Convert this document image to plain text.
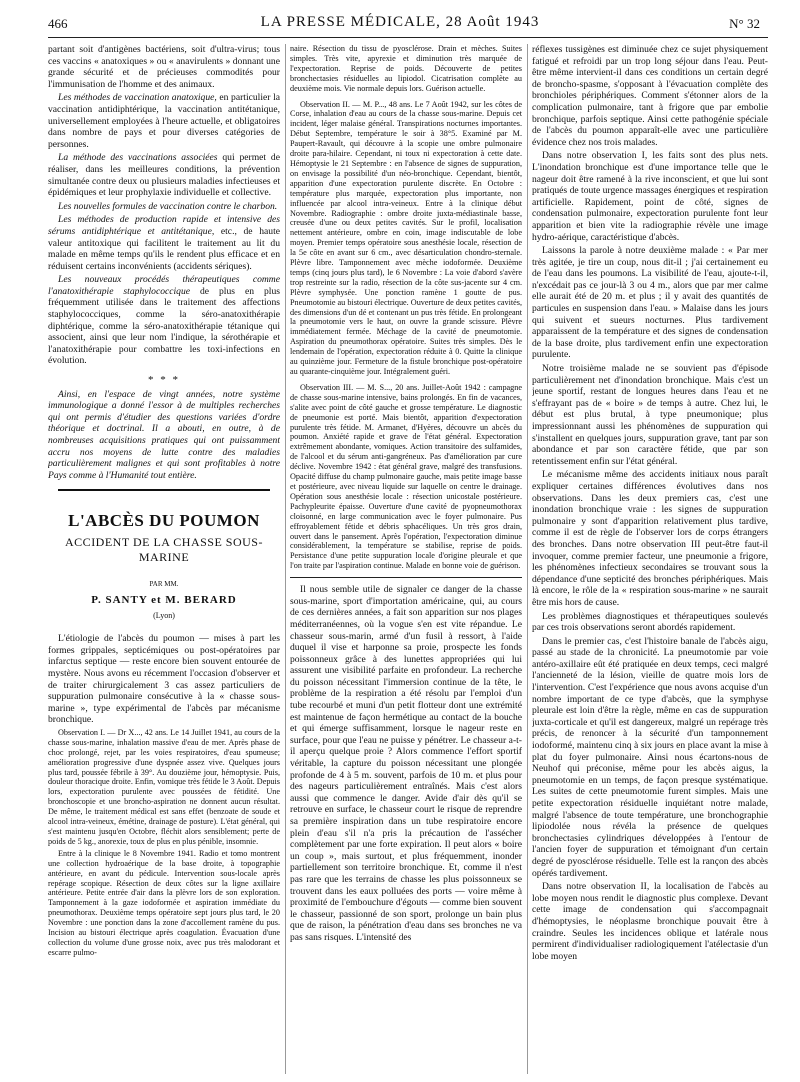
466	LA PRESSE MÉDICALE, 28 Août 1943	N° 32

partant soit d'antigènes bactériens, soit d'ultra-virus; tous ces vaccins « anatoxiques » ou « anavirulents » donnant une grande sécurité et de précieuses commodités pour l'immunisation de l'homme et des animaux.

Les méthodes de vaccination anatoxique, en particulier la vaccination antidiphtérique, la vaccination antitétanique, universellement employées à l'heure actuelle, et obligatoires dans nombre de pays et pour diverses catégories de personnes.

La méthode des vaccinations associées qui permet de réaliser, dans les meilleures conditions, la prévention simultanée contre deux ou plusieurs maladies infectieuses et épidémiques et leur prophylaxie individuelle et collective.

Les nouvelles formules de vaccination contre le charbon.

Les méthodes de production rapide et intensive des sérums antidiphtérique et antitétanique, etc., de haute valeur antitoxique qui facilitent le traitement au lit du malade en même temps qu'ils le rendent plus efficace et en réduisent certains inconvénients (accidents sériques).

Les nouveaux procédés thérapeutiques comme l'anatoxithérapie staphylococcique de plus en plus fréquemment utilisée dans le traitement des affections staphylococciques, comme la séro-anatoxithérapie diphtérique, comme la séro-anatoxithérapie tétanique qui associent, ainsi que leur nom l'indique, la sérothérapie et l'anatoxithérapie pour combattre les toxi-infections en évolution.

* * *

Ainsi, en l'espace de vingt années, notre système immunologique a donné l'essor à de multiples recherches qui ont permis d'étudier des questions variées d'ordre théorique et doctrinal. Il a abouti, en outre, à de nombreuses acquisitions pratiques qui ont puissamment accru nos moyens de lutte contre des maladies particulièrement malignes et qui sont profitables à notre Pays comme à l'Humanité tout entière.

L'ABCÈS DU POUMON
ACCIDENT DE LA CHASSE SOUS-MARINE
PAR MM.
P. SANTY et M. BERARD
(Lyon)

L'étiologie de l'abcès du poumon — mises à part les formes grippales, septicémiques ou post-opératoires par infarctus septique — reste encore bien souvent entourée de mystère. Nous avons eu récemment l'occasion d'observer et de traiter chirurgicalement 3 cas assez particuliers de suppuration pulmonaire consécutive à la « chasse sous-marine », type expérimental de l'abcès par mécanisme bronchique.

Observation I. — Dr X..., 42 ans. Le 14 Juillet 1941, au cours de la chasse sous-marine, inhalation massive d'eau de mer. Après phase de choc prolongé, rejet, par les voies respiratoires, d'eau spumeuse; amélioration progressive d'une dyspnée assez vive. Quelques jours plus tard, poussée fébrile à 39°. Au douzième jour, hémoptysie. Puis, douleur thoracique droite. Enfin, vomique très fétide le 3 Août. Depuis lors, expectoration purulente avec poussées de fétidité. Une bronchoscopie et une broncho-aspiration ne donnent aucun résultat. De même, le traitement médical est sans effet (benzoate de soude et alcool intra-veineux, émétine, drainage de posture). L'état général, qui s'est maintenu jusqu'en Octobre, fléchit alors sensiblement; perte de poids de 5 kg., anorexie, toux de plus en plus pénible, insomnie.

Entre à la clinique le 8 Novembre 1941. Radio et tomo montrent une collection hydroaérique de la base droite, à topographie antérieure, en avant du pédicule. Intervention sous-locale après repérage scopique. Résection de deux côtes sur la ligne axillaire antérieure. Petite entrée d'air dans la plèvre lors de son exploration. Tamponnement à la gaze iodoformée et aspiration immédiate du pneumothorax. Deuxième temps opératoire sept jours plus tard, le 20 Novembre : une ponction dans la zone d'accollement ramène du pus. Incision au bistouri électrique après coagulation. Évacuation d'une collection du volume d'une grosse noix, avec pus très malodorant et escarre pulmo-

naire. Résection du tissu de pyosclérose. Drain et mèches. Suites simples. Très vite, apyrexie et diminution très marquée de l'expectoration. Reprise de poids. Découverte de petites bronchectasies résiduelles au lipiodol. Cicatrisation complète au deuxième mois. Vie normale depuis lors. Guérison actuelle.

Observation II. — M. P..., 48 ans. Le 7 Août 1942, sur les côtes de Corse, inhalation d'eau au cours de la chasse sous-marine. Depuis cet incident, léger malaise général. Transpirations nocturnes importantes. Début Septembre, température le soir à 38°5. Examiné par M. Paupert-Ravault, qui découvre à la scopie une ombre pulmonaire droite para-hilaire. Cependant, ni toux ni expectoration à cette date. Hémoptysie le 21 Septembre : en l'absence de signes de suppuration, on envisage la possibilité d'un néo-bronchique. Cependant, bientôt, apparition d'une expectoration purulente discrète. En Octobre : température plus marquée, expectoration plus importante, non influencée par alcool intra-veineux. Entre à la clinique début Novembre. Radiographie : ombre droite juxta-médiastinale basse, creusée d'une ou deux petites cavités. Sur le profil, localisation nettement antérieure, ombre en coin, image indiscutable de lobe moyen. Premier temps opératoire sous anesthésie locale, résection de la 5e côte en avant sur 6 cm., avec désarticulation chondro-sternale. Plèvre libre. Tamponnement avec mèche iodoformée. Deuxième temps (cinq jours plus tard), le 6 Novembre : La voie d'abord s'avère trop restreinte sur la radio, résection de la côte sus-jacente sur 4 cm. Plèvre symphysée. Une ponction ramène 1 goutte de pus. Pneumotomie au bistouri électrique. Ouverture de deux petites cavités, des dimensions d'un dé et contenant un pus très fétide. En prolongeant la pneumotomie vers le haut, on ouvre la grande scissure. Plèvre immédiatement fermée. Méchage de la cavité de pneumotomie. Aspiration du pneumothorax opératoire. Suites très simples. Dès le lendemain de l'opération, expectoration réduite à 0. Quitte la clinique au quinzième jour. Fermeture de la fistule bronchique post-opératoire au quarante-cinquième jour. Intégralement guéri.

Observation III. — M. S..., 20 ans. Juillet-Août 1942 : campagne de chasse sous-marine intensive, bains prolongés. En fin de vacances, s'alite avec point de côté gauche et grosse température. Le diagnostic de pneumonie est porté. Mais bientôt, apparition d'expectoration purulente très fétide. M. Armanet, d'Hyères, découvre un abcès du poumon. Anxiété rapide et grave de l'état général. Expectoration extrêmement abondante, vomiques. Action transitoire des sulfamides, de l'alcool et du sérum anti-gangréneux. Pas d'amélioration par cure déclive. Novembre 1942 : état général grave, malgré des transfusions. Opacité diffuse du champ pulmonaire gauche, mais petite image basse et postérieure, avec niveau liquide sur laquelle on centre le drainage. Opération sous anesthésie locale : résection unicostale postérieure. Pachypleurite épaisse. Ouverture d'une cavité de pyopneumothorax cloisonné, en large communication avec le foyer pulmonaire. Pus effroyablement fétide et débris sphacéliques. Un très gros drain, ouvert dans le pansement. Après l'opération, l'expectoration diminue considérablement, la température se stabilise, reprise de poids. Persistance d'une petite suppuration locale d'origine pleurale et que l'on traite par l'aspiration continue. Malade en bonne voie de guérison.

Il nous semble utile de signaler ce danger de la chasse sous-marine, sport d'importation américaine, qui, au cours de ces dernières années, a fait son apparition sur nos plages méditerranéennes, où la vogue s'en est vite répandue. Le chasseur sous-marin, armé d'un fusil à ressort, à l'aide duquel il vise et harponne sa proie, prospecte les fonds poissonneux grâce à des lunettes appropriées qui lui assurent une visibilité parfaite en profondeur. La recherche du poisson nécessitant l'immersion continue de la tête, le problème de la respiration a été résolu par l'emploi d'un tube recourbé et muni d'un petit flotteur dont une extrémité est maintenue de façon hermétique au contact de la bouche et qui émerge suffisamment, lorsque le nageur reste en surface, pour que l'eau ne puisse y pénétrer. Le chasseur a-t-il aperçu quelque proie ? Alors commence l'effort sportif véritable, la capture du poisson nécessitant une plongée profonde de 4 à 5 m. souvent, parfois de 10 m. et plus pour des nageurs particulièrement entraînés. Mais c'est alors aussi que commence le danger. Avide d'air dès qu'il se retrouve en surface, le chasseur court le risque de reprendre sa première inspiration dans un tube respiratoire encore plein d'eau s'il n'a pris la précaution de l'assécher complètement par une forte expiration. Il peut alors « boire un coup », mais surtout, et plus fréquemment, inonder partiellement son territoire bronchique. Et, comme il n'est pas rare que les terrains de chasse les plus poissonneux se trouvent dans les eaux polluées des ports — voire même à proximité de l'embouchure d'égouts — comme bien souvent le chasseur, passionné de son sport, prolonge un bain plus que de raison, la pénétration d'eau dans ses bronches ne va pas sans risques. L'intensité des

réflexes tussigènes est diminuée chez ce sujet physiquement fatigué et refroidi par un trop long séjour dans l'eau. Peut-être même intervient-il dans ces conditions un certain degré de broncho-spasme, s'opposant à l'évacuation complète des bronchioles périphériques. Comment s'étonner alors de la complication pulmonaire, tant à frigore que par embolie bronchique, parfois septique. Ainsi cette pathogénie spéciale de l'abcès du poumon apparaît-elle avec une particulière évidence chez nos trois malades.

Dans notre observation I, les faits sont des plus nets. L'inondation bronchique est d'une importance telle que le nageur doit être ramené à la rive inconscient, et que lui sont pratiqués de toute urgence massages énergiques et respiration artificielle. Rapidement, point de côté, signes de condensation pulmonaire, expectoration purulente font leur apparition et bien vite la radiographie révèle une image hydro-aérique, caractéristique d'abcès.

Laissons la parole à notre deuxième malade : « Par mer très agitée, je tire un coup, nous dit-il ; j'ai certainement eu de l'eau dans les poumons. La visibilité de l'eau, ajoute-t-il, n'excédait pas ce jour-là 3 ou 4 m., alors que par mer calme elle aurait été de 20 m. et plus ; il y avait des quantités de particules en suspension dans l'eau. » Malaise dans les jours qui suivent et sueurs nocturnes. Plus tardivement apparaissent de la température et des signes de condensation de la base droite, plus tardivement enfin une expectoration purulente.

Notre troisième malade ne se souvient pas d'épisode particulièrement net d'inondation bronchique. Mais c'est un jeune sportif, restant de longues heures dans l'eau et ne s'effrayant pas de « boire » de temps à autre. Chez lui, le début est plus brutal, à type pneumonique; plus impressionnant aussi les phénomènes de suppuration qui s'installent en quelques jours, suppuration grave, tant par son abondance et par son caractère fétide, que par son retentissement enfin sur l'état général.

Le mécanisme même des accidents initiaux nous paraît expliquer certaines différences évolutives dans nos observations. Dans les deux premiers cas, c'est une inondation bronchique vraie : les signes de suppuration pulmonaire y sont d'apparition relativement plus tardive, comme il est de règle de l'observer lors de corps étrangers des bronches. Dans notre observation III peut-être faut-il invoquer, comme premier facteur, une pneumonie a frigore, les phénomènes infectieux secondaires se trouvant sous la dépendance d'une septicité des bronches périphériques. Mais là encore, le rôle de la « respiration sous-marine » ne saurait être mis hors de cause.

Les problèmes diagnostiques et thérapeutiques soulevés par ces trois observations seront abordés rapidement.

Dans le premier cas, c'est l'histoire banale de l'abcès aigu, passé au stade de la chronicité. La pneumotomie par voie antéro-axillaire eût été pratiquée en deux temps, ceci malgré l'ancienneté de la lésion, vieille de quatre mois lors de l'intervention. C'est l'expérience que nous avons acquise d'un nombre important de ce type d'abcès, que la symphyse pleurale est loin d'être la règle, même en cas de suppuration juxta-corticale et qu'il est dangereux, malgré un repérage très précis, de renoncer à la sécurité d'un tamponnement iodoformé, maintenu cinq à six jours en place avant la mise à plat du foyer pulmonaire. Ainsi nous écartons-nous de Neuhof qui préconise, même pour les abcès aigus, la pneumotomie en un temps, de façon presque systématique. Les suites de cette pneumotomie furent simples. Mais une petite expectoration résiduelle inquiétant notre malade, malgré l'absence de toute température, une bronchographie lipiodolée nous révéla la présence de quelques bronchectasies cylindriques développées à l'entour de l'ancien foyer de suppuration et témoignant d'un certain degré de pyosclérose résiduelle. Telle est la rançon des abcès opérés tardivement.

Dans notre observation II, la localisation de l'abcès au lobe moyen nous rendit le diagnostic plus complexe. Devant cette image de condensation qui s'accompagnait d'hémoptysies, le néoplasme bronchique pouvait être à craindre. Seules les incidences oblique et latérale nous permirent d'individualiser radiologiquement l'atélectasie d'un lobe moyen
